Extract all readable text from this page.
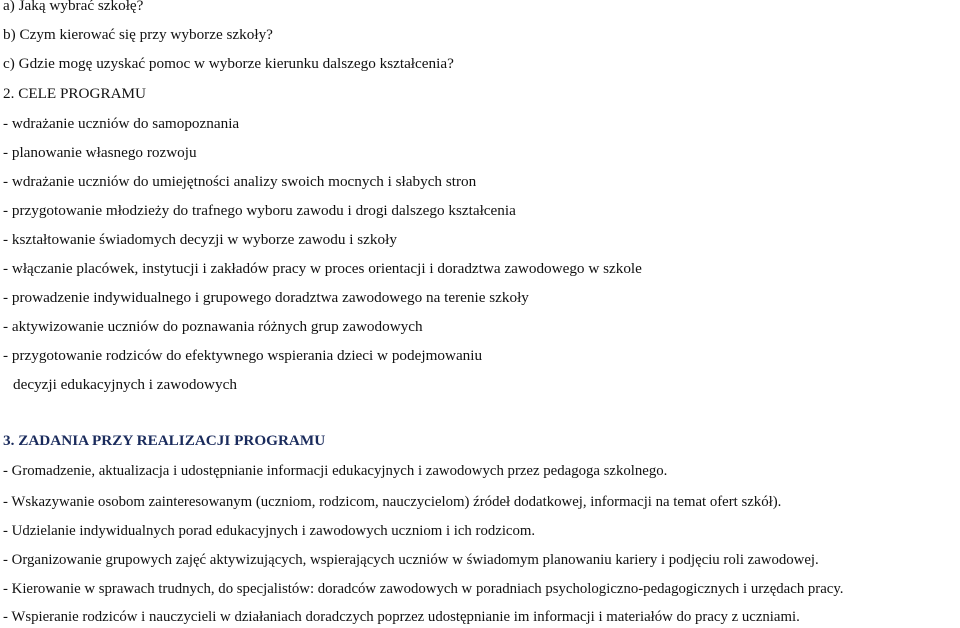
a) Jaką wybrać szkołę?
b) Czym kierować się przy wyborze szkoły?
c) Gdzie mogę uzyskać pomoc w wyborze kierunku dalszego kształcenia?
2. CELE PROGRAMU
- wdrażanie uczniów do samopoznania
- planowanie własnego rozwoju
- wdrażanie uczniów do umiejętności analizy swoich mocnych i słabych stron
- przygotowanie młodzieży do trafnego wyboru zawodu i drogi dalszego kształcenia
- kształtowanie świadomych decyzji w wyborze zawodu i szkoły
- włączanie placówek, instytucji i zakładów pracy w proces orientacji i doradztwa zawodowego w szkole
- prowadzenie indywidualnego i grupowego doradztwa zawodowego na terenie szkoły
- aktywizowanie uczniów do poznawania różnych grup zawodowych
- przygotowanie rodziców do efektywnego wspierania dzieci w podejmowaniu
decyzji edukacyjnych i zawodowych
3. ZADANIA PRZY REALIZACJI PROGRAMU
- Gromadzenie, aktualizacja i udostępnianie informacji edukacyjnych i zawodowych przez pedagoga szkolnego.
- Wskazywanie osobom zainteresowanym (uczniom, rodzicom, nauczycielom) źródeł dodatkowej, informacji na temat ofert szkół).
- Udzielanie indywidualnych porad edukacyjnych i zawodowych uczniom i ich rodzicom.
- Organizowanie grupowych zajęć aktywizujących, wspierających uczniów w świadomym planowaniu kariery i podjęciu roli zawodowej.
- Kierowanie w sprawach trudnych, do specjalistów: doradców zawodowych w poradniach psychologiczno-pedagogicznych i urzędach pracy.
- Wspieranie rodziców i nauczycieli w działaniach doradczych poprzez udostępnianie im informacji i materiałów do pracy z uczniami.
